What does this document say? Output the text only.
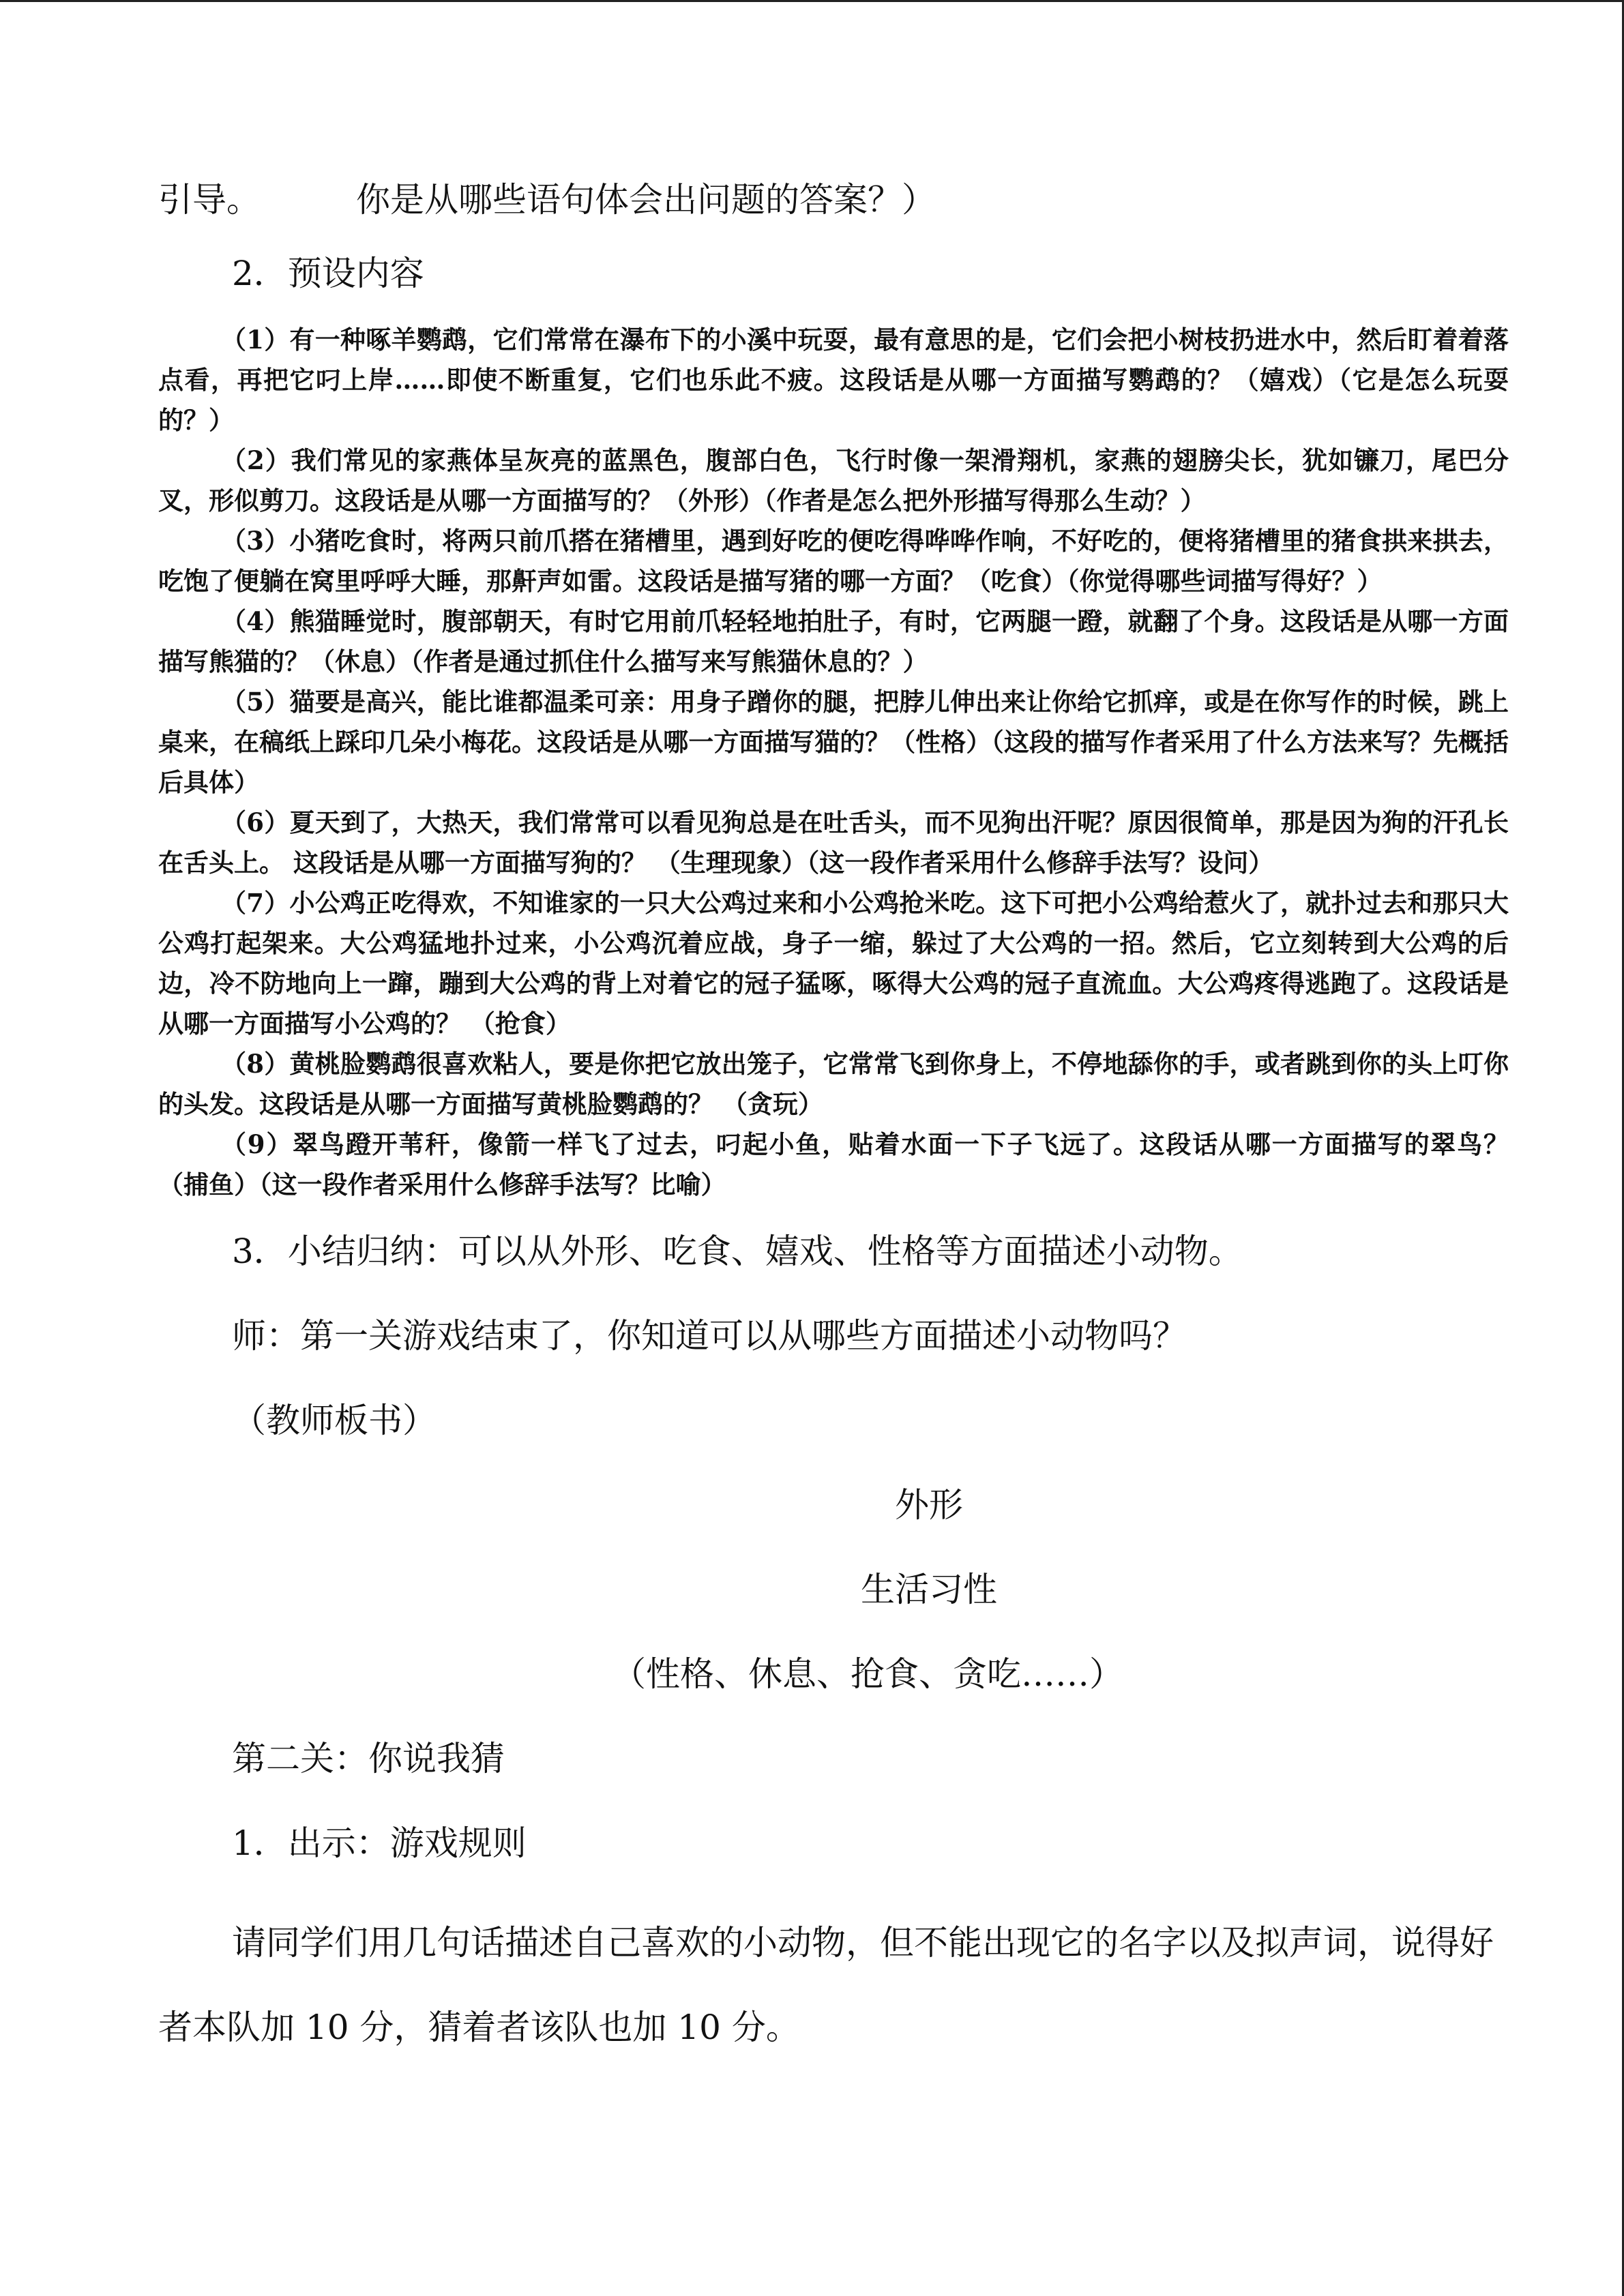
引导。	你是从哪些语句体会出问题的答案？）

2．预设内容

（1）有一种啄羊鹦鹉，它们常常在瀑布下的小溪中玩耍，最有意思的是，它们会把小树枝扔进水中，然后盯着着落点看，再把它叼上岸……即使不断重复，它们也乐此不疲。这段话是从哪一方面描写鹦鹉的？（嬉戏）（它是怎么玩耍的？）

（2）我们常见的家燕体呈灰亮的蓝黑色，腹部白色，飞行时像一架滑翔机，家燕的翅膀尖长，犹如镰刀，尾巴分叉，形似剪刀。这段话是从哪一方面描写的？（外形）（作者是怎么把外形描写得那么生动？）

（3）小猪吃食时，将两只前爪搭在猪槽里，遇到好吃的便吃得哗哗作响，不好吃的，便将猪槽里的猪食拱来拱去，吃饱了便躺在窝里呼呼大睡，那鼾声如雷。这段话是描写猪的哪一方面？（吃食）（你觉得哪些词描写得好？）

（4）熊猫睡觉时，腹部朝天，有时它用前爪轻轻地拍肚子，有时，它两腿一蹬，就翻了个身。这段话是从哪一方面描写熊猫的？（休息）（作者是通过抓住什么描写来写熊猫休息的？）

（5）猫要是高兴，能比谁都温柔可亲：用身子蹭你的腿，把脖儿伸出来让你给它抓痒，或是在你写作的时候，跳上桌来，在稿纸上踩印几朵小梅花。这段话是从哪一方面描写猫的？（性格）（这段的描写作者采用了什么方法来写？先概括后具体）

（6）夏天到了，大热天，我们常常可以看见狗总是在吐舌头，而不见狗出汗呢？原因很简单，那是因为狗的汗孔长在舌头上。 这段话是从哪一方面描写狗的？ （生理现象）（这一段作者采用什么修辞手法写？设问）

（7）小公鸡正吃得欢，不知谁家的一只大公鸡过来和小公鸡抢米吃。这下可把小公鸡给惹火了，就扑过去和那只大公鸡打起架来。大公鸡猛地扑过来，小公鸡沉着应战，身子一缩，躲过了大公鸡的一招。然后，它立刻转到大公鸡的后边，冷不防地向上一蹿，蹦到大公鸡的背上对着它的冠子猛啄，啄得大公鸡的冠子直流血。大公鸡疼得逃跑了。这段话是从哪一方面描写小公鸡的？ （抢食）

（8）黄桃脸鹦鹉很喜欢粘人，要是你把它放出笼子，它常常飞到你身上，不停地舔你的手，或者跳到你的头上叮你的头发。这段话是从哪一方面描写黄桃脸鹦鹉的？ （贪玩）

（9）翠鸟蹬开苇秆，像箭一样飞了过去，叼起小鱼，贴着水面一下子飞远了。这段话从哪一方面描写的翠鸟？ （捕鱼）（这一段作者采用什么修辞手法写？比喻）

3．小结归纳：可以从外形、吃食、嬉戏、性格等方面描述小动物。

师：第一关游戏结束了，你知道可以从哪些方面描述小动物吗？

（教师板书）

外形

生活习性

（性格、休息、抢食、贪吃……）

第二关：你说我猜

1．出示：游戏规则

请同学们用几句话描述自己喜欢的小动物，但不能出现它的名字以及拟声词，说得好者本队加 10 分，猜着者该队也加 10 分。
